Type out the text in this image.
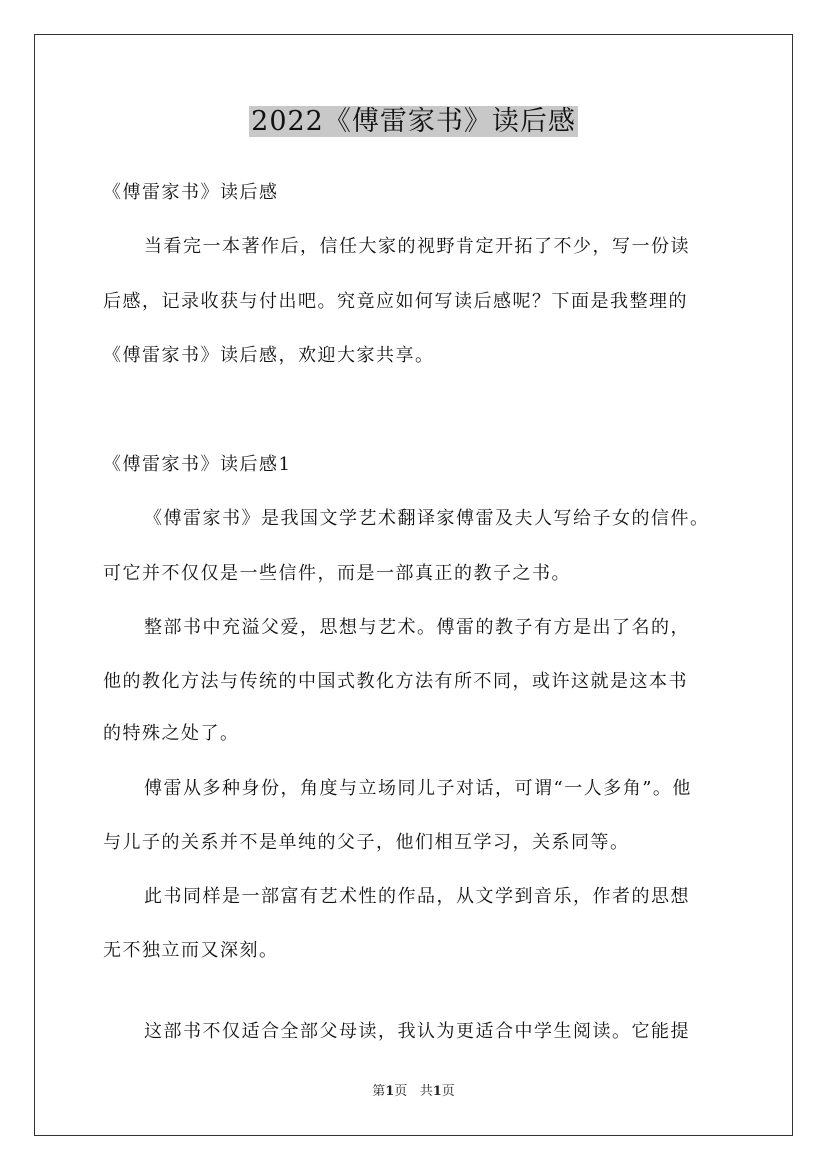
2022《傅雷家书》读后感
《傅雷家书》读后感
当看完一本著作后，信任大家的视野肯定开拓了不少，写一份读
后感，记录收获与付出吧。究竟应如何写读后感呢？下面是我整理的
《傅雷家书》读后感，欢迎大家共享。
《傅雷家书》读后感1
《傅雷家书》是我国文学艺术翻译家傅雷及夫人写给子女的信件。
可它并不仅仅是一些信件，而是一部真正的教子之书。
整部书中充溢父爱，思想与艺术。傅雷的教子有方是出了名的，
他的教化方法与传统的中国式教化方法有所不同，或许这就是这本书
的特殊之处了。
傅雷从多种身份，角度与立场同儿子对话，可谓“一人多角”。他
与儿子的关系并不是单纯的父子，他们相互学习，关系同等。
此书同样是一部富有艺术性的作品，从文学到音乐，作者的思想
无不独立而又深刻。
这部书不仅适合全部父母读，我认为更适合中学生阅读。它能提
第1页 共1页
